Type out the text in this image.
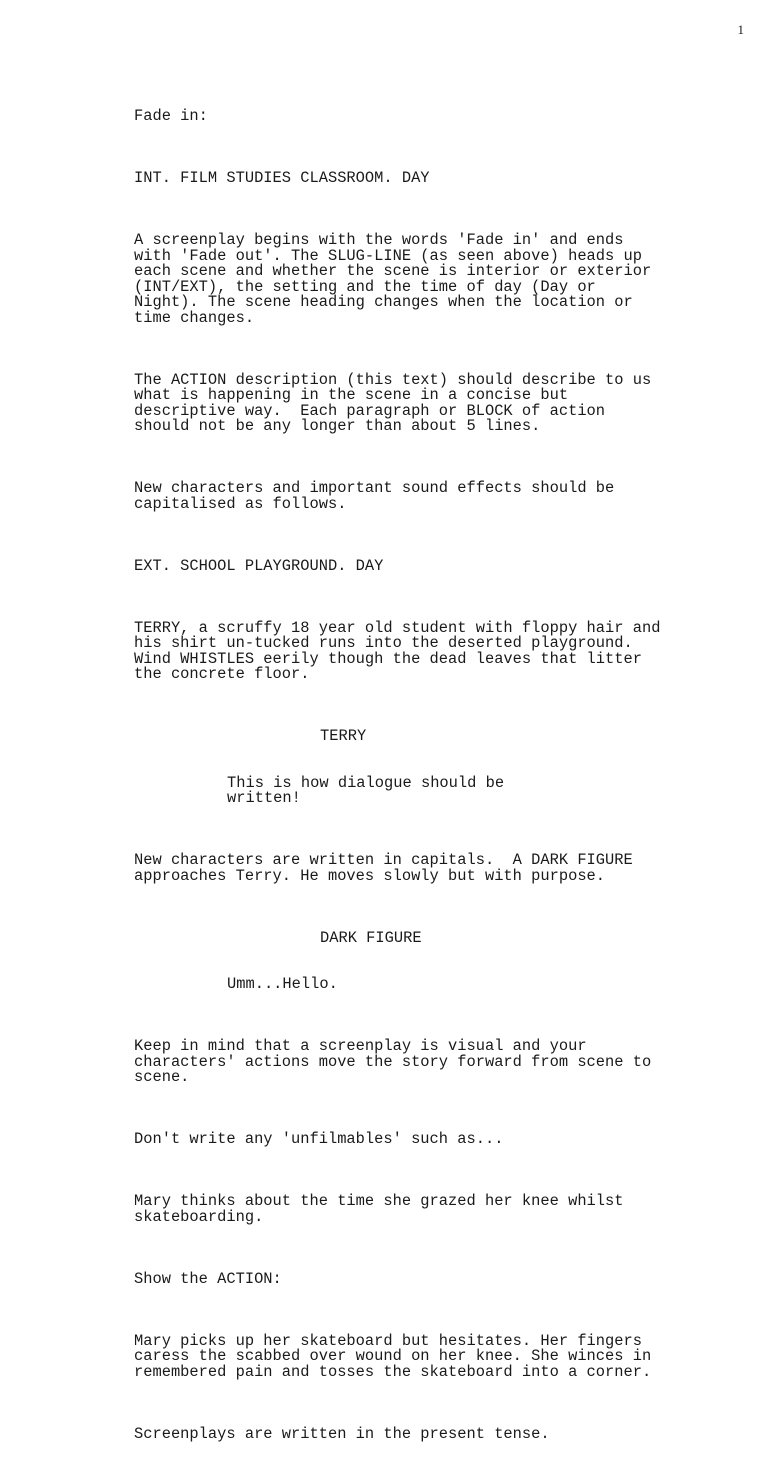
1

Fade in:

INT. FILM STUDIES CLASSROOM. DAY

A screenplay begins with the words 'Fade in' and ends
with 'Fade out'. The SLUG-LINE (as seen above) heads up
each scene and whether the scene is interior or exterior
(INT/EXT), the setting and the time of day (Day or
Night). The scene heading changes when the location or
time changes.

The ACTION description (this text) should describe to us
what is happening in the scene in a concise but
descriptive way.  Each paragraph or BLOCK of action
should not be any longer than about 5 lines.

New characters and important sound effects should be
capitalised as follows.

EXT. SCHOOL PLAYGROUND. DAY

TERRY, a scruffy 18 year old student with floppy hair and
his shirt un-tucked runs into the deserted playground.
Wind WHISTLES eerily though the dead leaves that litter
the concrete floor.

TERRY

This is how dialogue should be
written!

New characters are written in capitals.  A DARK FIGURE
approaches Terry. He moves slowly but with purpose.

DARK FIGURE

Umm...Hello.

Keep in mind that a screenplay is visual and your
characters' actions move the story forward from scene to
scene.

Don't write any 'unfilmables' such as...

Mary thinks about the time she grazed her knee whilst
skateboarding.

Show the ACTION:

Mary picks up her skateboard but hesitates. Her fingers
caress the scabbed over wound on her knee. She winces in
remembered pain and tosses the skateboard into a corner.

Screenplays are written in the present tense.
